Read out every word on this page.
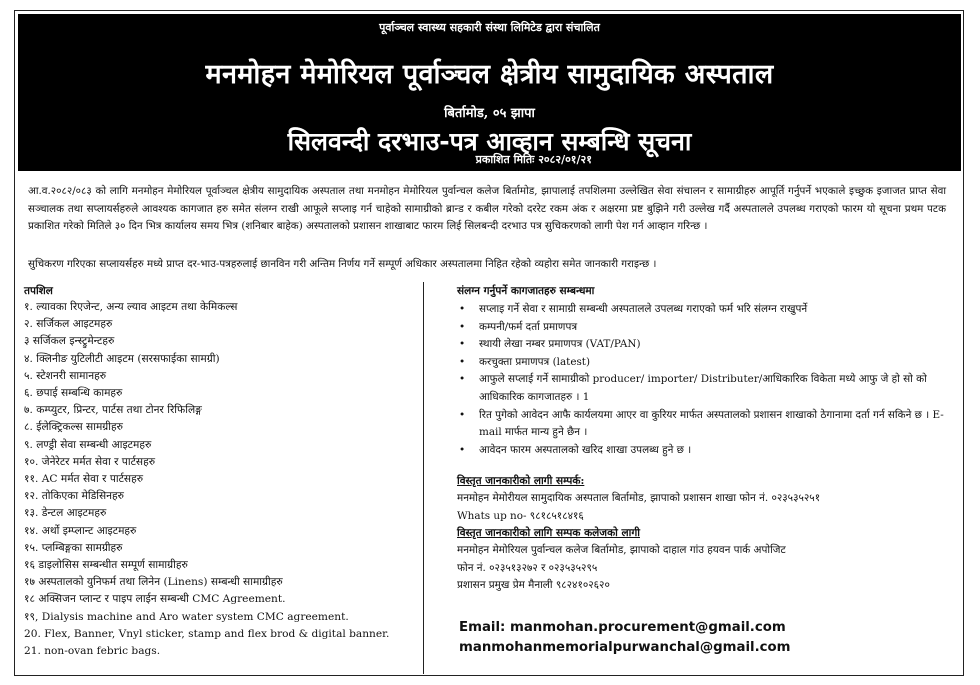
पूर्वाञ्चल स्वास्थ्य सहकारी संस्था लिमिटेड द्वारा संचालित
मनमोहन मेमोरियल पूर्वाञ्चल क्षेत्रीय सामुदायिक अस्पताल
बिर्तामोड, ०५ झापा
सिलवन्दी दरभाउ-पत्र आव्हान सम्बन्धि सूचना
प्रकाशित मितिः २०८२/०१/२१
आ.व.२०८२/०८३ को लागि मनमोहन मेमोरियल पूर्वाञ्चल क्षेत्रीय सामुदायिक अस्पताल तथा मनमोहन मेमोरियल पुर्वान्चल कलेज बिर्तामोड, झापालाई तपशिलमा उल्लेखित सेवा संचालन र सामाग्रीहरु आपूर्ति गर्नुपर्ने भएकाले इच्छुक इजाजत प्राप्त सेवा सञ्चालक तथा सप्लायर्सहरुले आवश्यक कागजात हरु समेत संलग्न राखी आफूले सप्लाइ गर्न चाहेको सामाग्रीको ब्रान्ड र कबील गरेको दररेट रकम अंक र अक्षरमा प्रष्ट बुझिने गरी उल्लेख गर्दै अस्पतालले उपलब्ध गराएको फारम यो सूचना प्रथम पटक प्रकाशित गरेको मितिले ३० दिन भित्र कार्यालय समय भित्र (शनिबार बाहेक) अस्पतालको प्रशासन शाखाबाट फारम लिई सिलबन्दी दरभाउ पत्र सुचिकरणको लागी पेश गर्न आव्हान गरिन्छ ।
सुचिकरण गरिएका सप्लायर्सहरु मध्ये प्राप्त दर-भाउ-पत्रहरुलाई छानविन गरी अन्तिम निर्णय गर्ने सम्पूर्ण अधिकार अस्पतालमा निहित रहेको व्यहोरा समेत जानकारी गराइन्छ ।
तपशिल
१. ल्यावका रिएजेन्ट, अन्य ल्याव आइटम तथा केमिकल्स
२. सर्जिकल आइटमहरु
३ सर्जिकल इन्स्ट्रुमेन्टहरु
४. क्लिनीङ युटिलीटी आइटम (सरसफाईका सामग्री)
५. स्टेशनरी सामानहरु
६. छपाई सम्बन्धि कामहरु
७. कम्प्युटर, प्रिन्टर, पार्टस तथा टोनर रिफिलिङ्ग
८. ईलेक्ट्रिकल्स सामग्रीहरु
९. लण्ड्री सेवा सम्बन्धी आइटमहरु
१०. जेनेरेटर मर्मत सेवा र पार्टसहरु
११. AC मर्मत सेवा र पार्टसहरु
१२. तोकिएका मेडिसिनहरु
१३. डेन्टल आइटमहरु
१४. अर्थो इम्प्लान्ट आइटमहरु
१५. प्लम्बिङ्गका सामग्रीहरु
१६ डाइलोसिस सम्बन्धीत सम्पूर्ण सामाग्रीहरु
१७ अस्पतालको युनिफर्म तथा लिनेन (Linens) सम्बन्धी सामाग्रीहरु
१८ अक्सिजन प्लान्ट र पाइप लाईन सम्बन्धी CMC Agreement.
१९, Dialysis machine and Aro water system CMC agreement.
20. Flex, Banner, Vnyl sticker, stamp and flex brod & digital banner.
21. non-ovan febric bags.
संलग्न गर्नुपर्ने कागजातहरु सम्बन्धमा
• सप्लाइ गर्ने सेवा र सामाग्री सम्बन्धी अस्पतालले उपलब्ध गराएको फर्म भरि संलग्न राखुपर्ने
• कम्पनी/फर्म दर्ता प्रमाणपत्र
• स्थायी लेखा नम्बर प्रमाणपत्र (VAT/PAN)
• करचुक्ता प्रमाणपत्र (latest)
• आफुले सप्लाई गर्ने सामाग्रीको producer/ importer/ Distributer/आधिकारिक विकेता मध्ये आफु जे हो सो को आधिकारिक कागजातहरु । 1
• रित पुगेको आवेदन आफै कार्यलयमा आएर वा कुरियर मार्फत अस्पतालको प्रशासन शाखाको ठेगानामा दर्ता गर्न सकिने छ । E-mail मार्फत मान्य हुने छैन ।
• आवेदन फारम अस्पतालको खरिद शाखा उपलब्ध हुने छ ।
विस्तृत जानकारीको लागी सम्पर्क:
मनमोहन मेमोरीयल सामुदायिक अस्पताल बिर्तामोड, झापाको प्रशासन शाखा फोन नं. ०२३५३५२५१
Whats up no- ९८१८५१८४१६
विस्तृत जानकारीको लागि सम्पक कलेजको लागी
मनमोहन मेमोरियल पुर्वान्चल कलेज बिर्तामोड, झापाको दाहाल गांउ हयवन पार्क अपोजिट
फोन नं. ०२३५१३२७२ र ०२३५३५२९५
प्रशासन प्रमुख प्रेम मैनाली ९८२४१०२६२०
Email: manmohan.procurement@gmail.com
manmohanmemorialpurwanchal@gmail.com
